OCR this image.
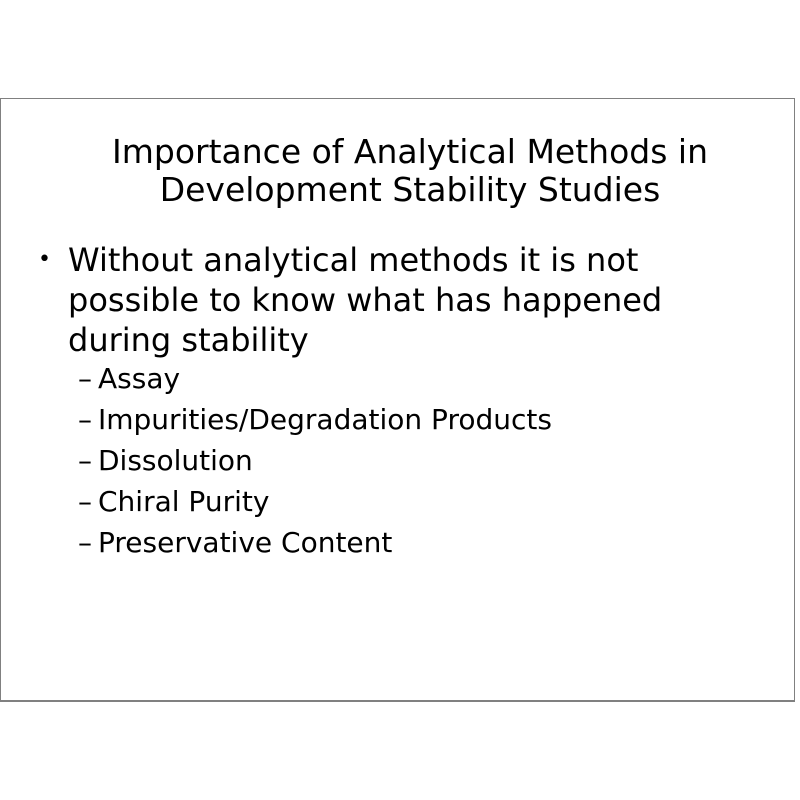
Importance of Analytical Methods in Development Stability Studies
• Without analytical methods it is not possible to know what has happened during stability
– Assay
– Impurities/Degradation Products
– Dissolution
– Chiral Purity
– Preservative Content
